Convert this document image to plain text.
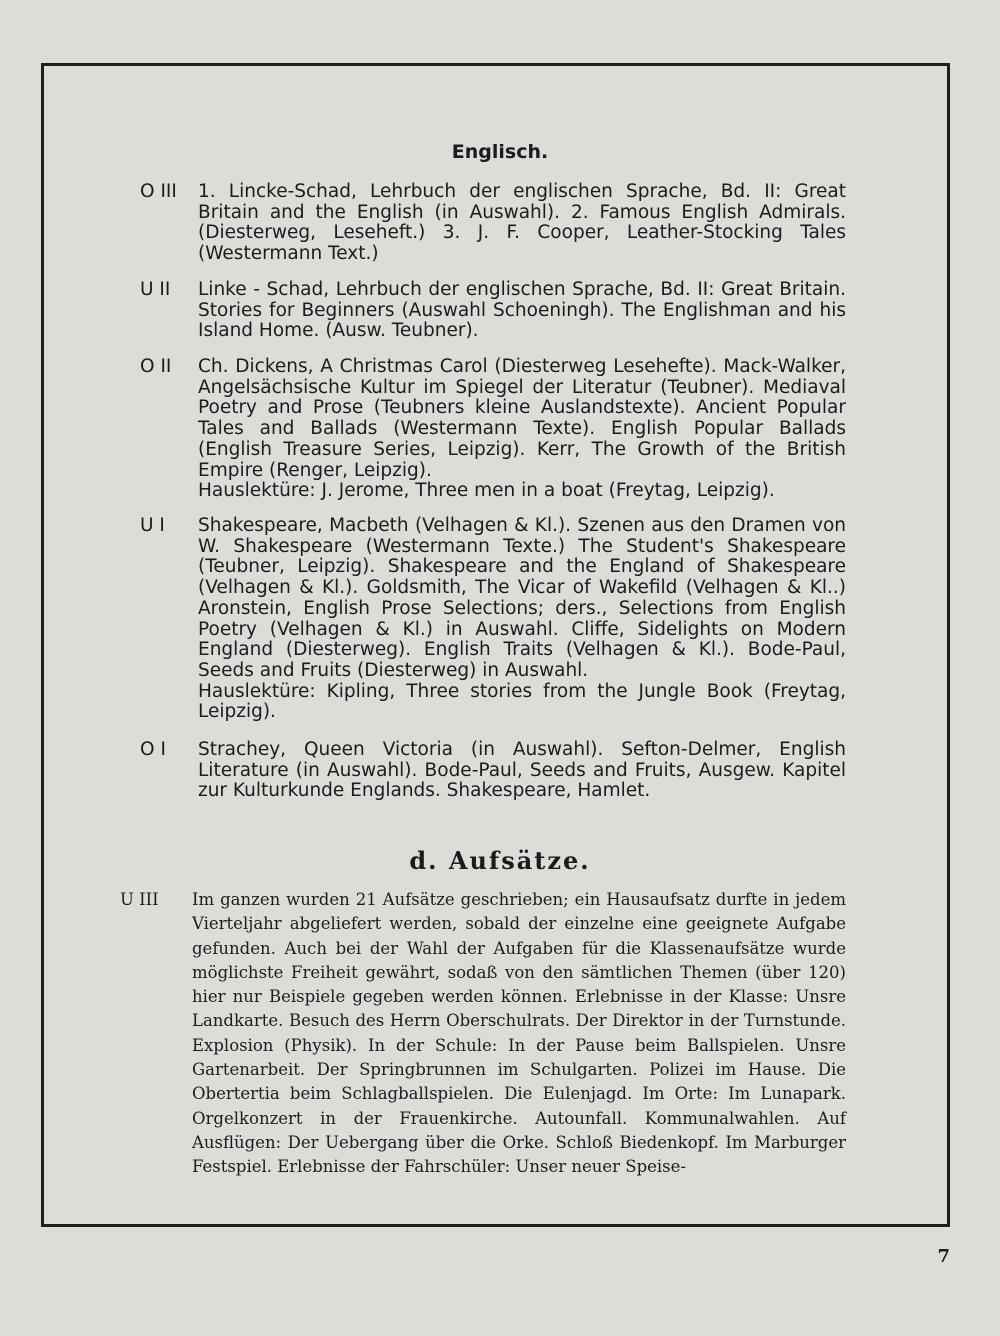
Englisch.
O III	1. Lincke-Schad, Lehrbuch der englischen Sprache, Bd. II: Great Britain and the English (in Auswahl). 2. Famous English Admirals. (Diesterweg, Leseheft.) 3. J. F. Cooper, Leather-Stocking Tales (Westermann Text.)

U II	Linke - Schad, Lehrbuch der englischen Sprache, Bd. II: Great Britain. Stories for Beginners (Auswahl Schoeningh). The Englishman and his Island Home. (Ausw. Teubner).

O II	Ch. Dickens, A Christmas Carol (Diesterweg Lesehefte). Mack-Walker, Angelsächsische Kultur im Spiegel der Literatur (Teubner). Mediaval Poetry and Prose (Teubners kleine Auslandstexte). Ancient Popular Tales and Ballads (Westermann Texte). English Popular Ballads (English Treasure Series, Leipzig). Kerr, The Growth of the British Empire (Renger, Leipzig).

Hauslektüre: J. Jerome, Three men in a boat (Freytag, Leipzig).

U I	Shakespeare, Macbeth (Velhagen & Kl.). Szenen aus den Dramen von W. Shakespeare (Westermann Texte.) The Student's Shakespeare (Teubner, Leipzig). Shakespeare and the England of Shakespeare (Velhagen & Kl.). Goldsmith, The Vicar of Wakefild (Velhagen & Kl..) Aronstein, English Prose Selections; ders., Selections from English Poetry (Velhagen & Kl.) in Auswahl. Cliffe, Sidelights on Modern England (Diesterweg). English Traits (Velhagen & Kl.). Bode-Paul, Seeds and Fruits (Diesterweg) in Auswahl.

Hauslektüre: Kipling, Three stories from the Jungle Book (Freytag, Leipzig).

O I	Strachey, Queen Victoria (in Auswahl). Sefton-Delmer, English Literature (in Auswahl). Bode-Paul, Seeds and Fruits, Ausgew. Kapitel zur Kulturkunde Englands. Shakespeare, Hamlet.

d. Aufsätze.
U III	Im ganzen wurden 21 Aufsätze geschrieben; ein Hausaufsatz durfte in jedem Vierteljahr abgeliefert werden, sobald der einzelne eine geeignete Aufgabe gefunden. Auch bei der Wahl der Aufgaben für die Klassenaufsätze wurde möglichste Freiheit gewährt, sodaß von den sämtlichen Themen (über 120) hier nur Beispiele gegeben werden können. Erlebnisse in der Klasse: Unsre Landkarte. Besuch des Herrn Oberschulrats. Der Direktor in der Turnstunde. Explosion (Physik). In der Schule: In der Pause beim Ballspielen. Unsre Gartenarbeit. Der Springbrunnen im Schulgarten. Polizei im Hause. Die Obertertia beim Schlagballspielen. Die Eulenjagd. Im Orte: Im Lunapark. Orgelkonzert in der Frauenkirche. Autounfall. Kommunalwahlen. Auf Ausflügen: Der Uebergang über die Orke. Schloß Biedenkopf. Im Marburger Festspiel. Erlebnisse der Fahrschüler: Unser neuer Speise-
7
